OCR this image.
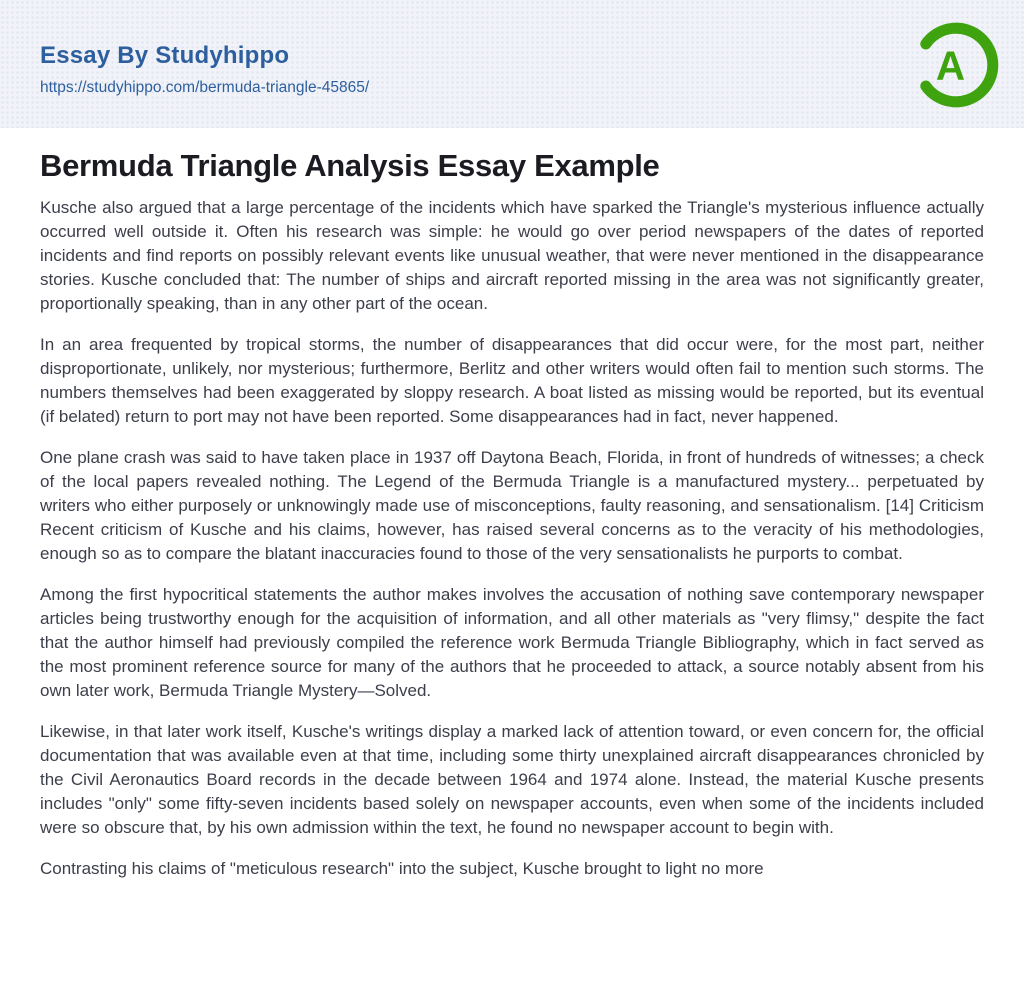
Essay By Studyhippo
https://studyhippo.com/bermuda-triangle-45865/	A
Bermuda Triangle Analysis Essay Example

Kusche also argued that a large percentage of the incidents which have sparked the Triangle's mysterious influence actually occurred well outside it. Often his research was simple: he would go over period newspapers of the dates of reported incidents and find reports on possibly relevant events like unusual weather, that were never mentioned in the disappearance stories. Kusche concluded that: The number of ships and aircraft reported missing in the area was not significantly greater, proportionally speaking, than in any other part of the ocean.

In an area frequented by tropical storms, the number of disappearances that did occur were, for the most part, neither disproportionate, unlikely, nor mysterious; furthermore, Berlitz and other writers would often fail to mention such storms. The numbers themselves had been exaggerated by sloppy research. A boat listed as missing would be reported, but its eventual (if belated) return to port may not have been reported. Some disappearances had in fact, never happened.

One plane crash was said to have taken place in 1937 off Daytona Beach, Florida, in front of hundreds of witnesses; a check of the local papers revealed nothing. The Legend of the Bermuda Triangle is a manufactured mystery... perpetuated by writers who either purposely or unknowingly made use of misconceptions, faulty reasoning, and sensationalism. [14] Criticism Recent criticism of Kusche and his claims, however, has raised several concerns as to the veracity of his methodologies, enough so as to compare the blatant inaccuracies found to those of the very sensationalists he purports to combat.

Among the first hypocritical statements the author makes involves the accusation of nothing save contemporary newspaper articles being trustworthy enough for the acquisition of information, and all other materials as "very flimsy," despite the fact that the author himself had previously compiled the reference work Bermuda Triangle Bibliography, which in fact served as the most prominent reference source for many of the authors that he proceeded to attack, a source notably absent from his own later work, Bermuda Triangle Mystery—Solved.

Likewise, in that later work itself, Kusche's writings display a marked lack of attention toward, or even concern for, the official documentation that was available even at that time, including some thirty unexplained aircraft disappearances chronicled by the Civil Aeronautics Board records in the decade between 1964 and 1974 alone. Instead, the material Kusche presents includes "only" some fifty-seven incidents based solely on newspaper accounts, even when some of the incidents included were so obscure that, by his own admission within the text, he found no newspaper account to begin with.

Contrasting his claims of "meticulous research" into the subject, Kusche brought to light no more
